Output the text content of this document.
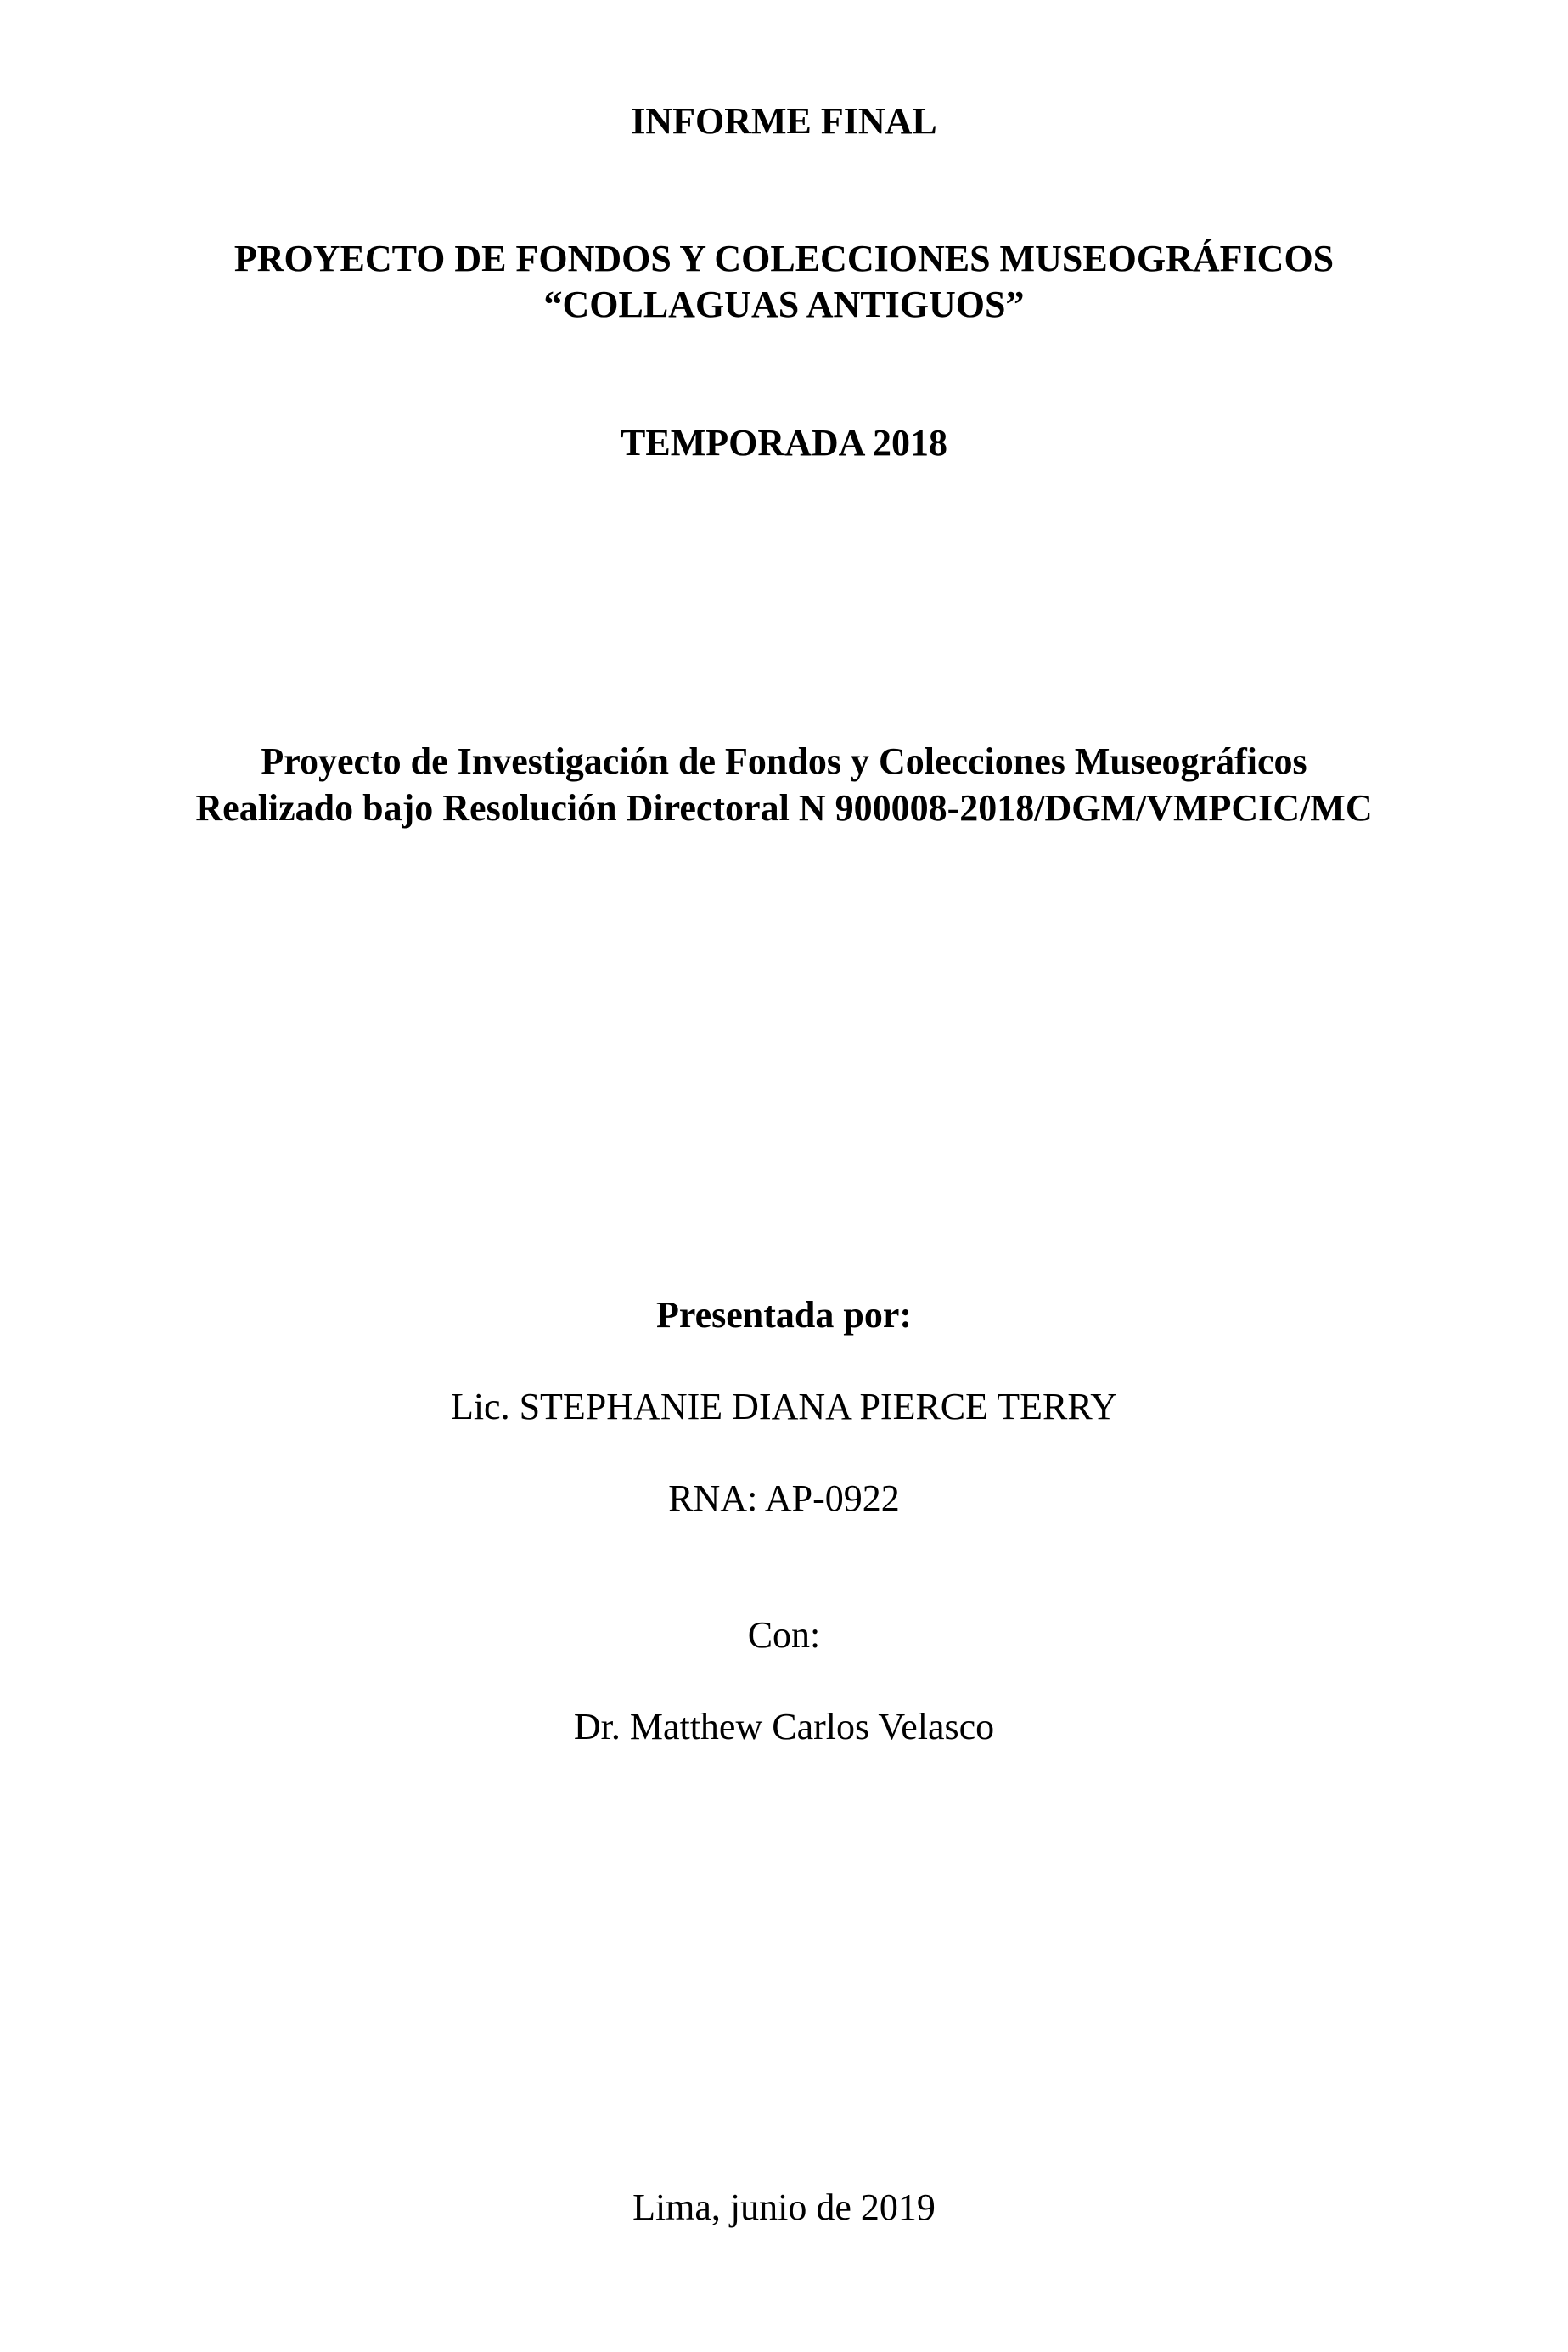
INFORME FINAL
PROYECTO DE FONDOS Y COLECCIONES MUSEOGRÁFICOS
“COLLAGUAS ANTIGUOS”
TEMPORADA 2018
Proyecto de Investigación de Fondos y Colecciones Museográficos
Realizado bajo Resolución Directoral N 900008-2018/DGM/VMPCIC/MC
Presentada por:
Lic. STEPHANIE DIANA PIERCE TERRY
RNA: AP-0922
Con:
Dr. Matthew Carlos Velasco
Lima, junio de 2019
